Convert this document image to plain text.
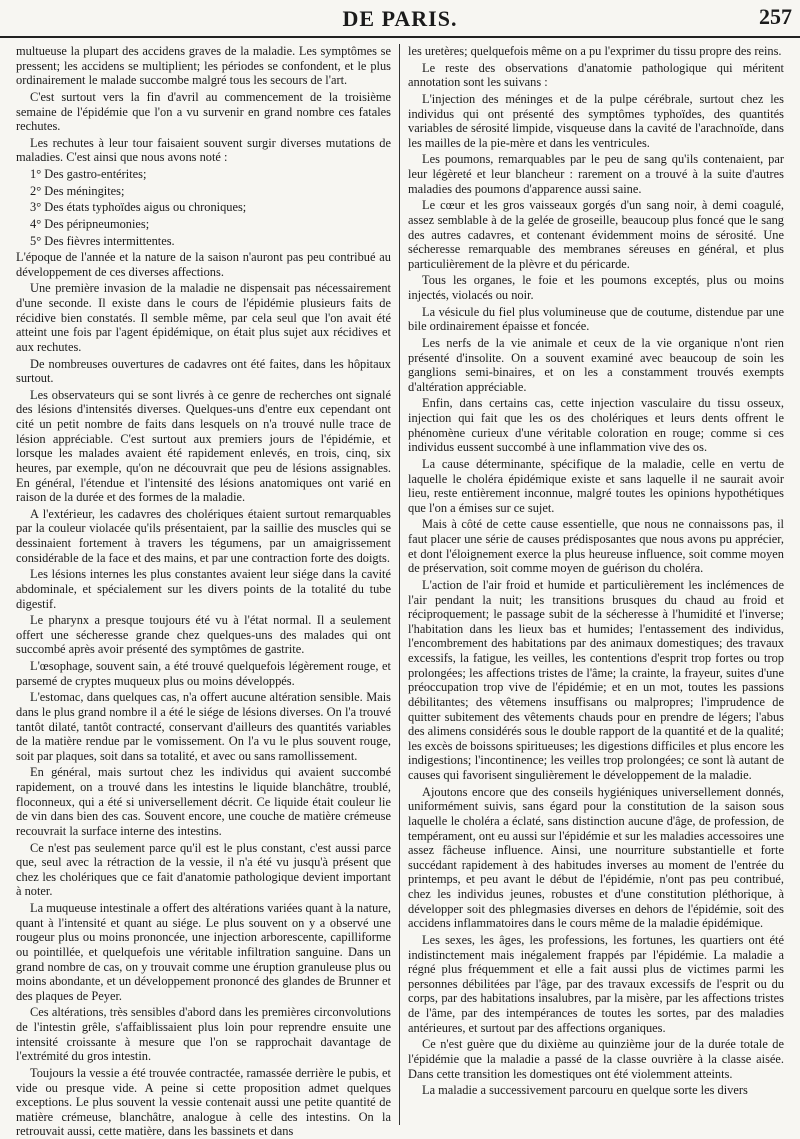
DE PARIS.	257

multueuse la plupart des accidens graves de la maladie. Les symptômes se pressent; les accidens se multiplient; les périodes se confondent, et le plus ordinairement le malade succombe malgré tous les secours de l'art.

C'est surtout vers la fin d'avril au commencement de la troisième semaine de l'épidémie que l'on a vu survenir en grand nombre ces fatales rechutes.

Les rechutes à leur tour faisaient souvent surgir diverses mutations de maladies. C'est ainsi que nous avons noté :

1° Des gastro-entérites;

2° Des méningites;

3° Des états typhoïdes aigus ou chroniques;

4° Des péripneumonies;

5° Des fièvres intermittentes.

L'époque de l'année et la nature de la saison n'auront pas peu contribué au développement de ces diverses affections.

Une première invasion de la maladie ne dispensait pas nécessairement d'une seconde. Il existe dans le cours de l'épidémie plusieurs faits de récidive bien constatés. Il semble même, par cela seul que l'on avait été atteint une fois par l'agent épidémique, on était plus sujet aux récidives et aux rechutes.

De nombreuses ouvertures de cadavres ont été faites, dans les hôpitaux surtout.

Les observateurs qui se sont livrés à ce genre de recherches ont signalé des lésions d'intensités diverses. Quelques-uns d'entre eux cependant ont cité un petit nombre de faits dans lesquels on n'a trouvé nulle trace de lésion appréciable. C'est surtout aux premiers jours de l'épidémie, et lorsque les malades avaient été rapidement enlevés, en trois, cinq, six heures, par exemple, qu'on ne découvrait que peu de lésions assignables. En général, l'étendue et l'intensité des lésions anatomiques ont varié en raison de la durée et des formes de la maladie.

A l'extérieur, les cadavres des cholériques étaient surtout remarquables par la couleur violacée qu'ils présentaient, par la saillie des muscles qui se dessinaient fortement à travers les tégumens, par un amaigrissement considérable de la face et des mains, et par une contraction forte des doigts.

Les lésions internes les plus constantes avaient leur siége dans la cavité abdominale, et spécialement sur les divers points de la totalité du tube digestif.

Le pharynx a presque toujours été vu à l'état normal. Il a seulement offert une sécheresse grande chez quelques-uns des malades qui ont succombé après avoir présenté des symptômes de gastrite.

L'œsophage, souvent sain, a été trouvé quelquefois légèrement rouge, et parsemé de cryptes muqueux plus ou moins développés.

L'estomac, dans quelques cas, n'a offert aucune altération sensible. Mais dans le plus grand nombre il a été le siége de lésions diverses. On l'a trouvé tantôt dilaté, tantôt contracté, conservant d'ailleurs des quantités variables de la matière rendue par le vomissement. On l'a vu le plus souvent rouge, soit par plaques, soit dans sa totalité, et avec ou sans ramollissement.

En général, mais surtout chez les individus qui avaient succombé rapidement, on a trouvé dans les intestins le liquide blanchâtre, troublé, floconneux, qui a été si universellement décrit. Ce liquide était couleur lie de vin dans bien des cas. Souvent encore, une couche de matière crémeuse recouvrait la surface interne des intestins.

Ce n'est pas seulement parce qu'il est le plus constant, c'est aussi parce que, seul avec la rétraction de la vessie, il n'a été vu jusqu'à présent que chez les cholériques que ce fait d'anatomie pathologique devient important à noter.

La muqueuse intestinale a offert des altérations variées quant à la nature, quant à l'intensité et quant au siége. Le plus souvent on y a observé une rougeur plus ou moins prononcée, une injection arborescente, capilliforme ou pointillée, et quelquefois une véritable infiltration sanguine. Dans un grand nombre de cas, on y trouvait comme une éruption granuleuse plus ou moins abondante, et un développement prononcé des glandes de Brunner et des plaques de Peyer.

Ces altérations, très sensibles d'abord dans les premières circonvolutions de l'intestin grêle, s'affaiblissaient plus loin pour reprendre ensuite une intensité croissante à mesure que l'on se rapprochait davantage de l'extrémité du gros intestin.

Toujours la vessie a été trouvée contractée, ramassée derrière le pubis, et vide ou presque vide. A peine si cette proposition admet quelques exceptions. Le plus souvent la vessie contenait aussi une petite quantité de matière crémeuse, blanchâtre, analogue à celle des intestins. On la retrouvait aussi, cette matière, dans les bassinets et dans

les uretères; quelquefois même on a pu l'exprimer du tissu propre des reins.

Le reste des observations d'anatomie pathologique qui méritent annotation sont les suivans :

L'injection des méninges et de la pulpe cérébrale, surtout chez les individus qui ont présenté des symptômes typhoïdes, des quantités variables de sérosité limpide, visqueuse dans la cavité de l'arachnoïde, dans les mailles de la pie-mère et dans les ventricules.

Les poumons, remarquables par le peu de sang qu'ils contenaient, par leur légèreté et leur blancheur : rarement on a trouvé à la suite d'autres maladies des poumons d'apparence aussi saine.

Le cœur et les gros vaisseaux gorgés d'un sang noir, à demi coagulé, assez semblable à de la gelée de groseille, beaucoup plus foncé que le sang des autres cadavres, et contenant évidemment moins de sérosité. Une sécheresse remarquable des membranes séreuses en général, et plus particulièrement de la plèvre et du péricarde.

Tous les organes, le foie et les poumons exceptés, plus ou moins injectés, violacés ou noir.

La vésicule du fiel plus volumineuse que de coutume, distendue par une bile ordinairement épaisse et foncée.

Les nerfs de la vie animale et ceux de la vie organique n'ont rien présenté d'insolite. On a souvent examiné avec beaucoup de soin les ganglions semi-binaires, et on les a constamment trouvés exempts d'altération appréciable.

Enfin, dans certains cas, cette injection vasculaire du tissu osseux, injection qui fait que les os des cholériques et leurs dents offrent le phénomène curieux d'une véritable coloration en rouge; comme si ces individus eussent succombé à une inflammation vive des os.

La cause déterminante, spécifique de la maladie, celle en vertu de laquelle le choléra épidémique existe et sans laquelle il ne saurait avoir lieu, reste entièrement inconnue, malgré toutes les opinions hypothétiques que l'on a émises sur ce sujet.

Mais à côté de cette cause essentielle, que nous ne connaissons pas, il faut placer une série de causes prédisposantes que nous avons pu apprécier, et dont l'éloignement exerce la plus heureuse influence, soit comme moyen de préservation, soit comme moyen de guérison du choléra.

L'action de l'air froid et humide et particulièrement les inclémences de l'air pendant la nuit; les transitions brusques du chaud au froid et réciproquement; le passage subit de la sécheresse à l'humidité et l'inverse; l'habitation dans les lieux bas et humides; l'entassement des individus, l'encombrement des habitations par des animaux domestiques; des travaux excessifs, la fatigue, les veilles, les contentions d'esprit trop fortes ou trop prolongées; les affections tristes de l'âme; la crainte, la frayeur, suites d'une préoccupation trop vive de l'épidémie; et en un mot, toutes les passions débilitantes; des vêtemens insuffisans ou malpropres; l'imprudence de quitter subitement des vêtements chauds pour en prendre de légers; l'abus des alimens considérés sous le double rapport de la quantité et de la qualité; les excès de boissons spiritueuses; les digestions difficiles et plus encore les indigestions; l'incontinence; les veilles trop prolongées; ce sont là autant de causes qui favorisent singulièrement le développement de la maladie.

Ajoutons encore que des conseils hygiéniques universellement donnés, uniformément suivis, sans égard pour la constitution de la saison sous laquelle le choléra a éclaté, sans distinction aucune d'âge, de profession, de tempérament, ont eu aussi sur l'épidémie et sur les maladies accessoires une assez fâcheuse influence. Ainsi, une nourriture substantielle et forte succédant rapidement à des habitudes inverses au moment de l'entrée du printemps, et peu avant le début de l'épidémie, n'ont pas peu contribué, chez les individus jeunes, robustes et d'une constitution pléthorique, à développer soit des phlegmasies diverses en dehors de l'épidémie, soit des accidens inflammatoires dans le cours même de la maladie épidémique.

Les sexes, les âges, les professions, les fortunes, les quartiers ont été indistinctement mais inégalement frappés par l'épidémie. La maladie a régné plus fréquemment et elle a fait aussi plus de victimes parmi les personnes débilitées par l'âge, par des travaux excessifs de l'esprit ou du corps, par des habitations insalubres, par la misère, par les affections tristes de l'âme, par des intempérances de toutes les sortes, par des maladies antérieures, et surtout par des affections organiques.

Ce n'est guère que du dixième au quinzième jour de la durée totale de l'épidémie que la maladie a passé de la classe ouvrière à la classe aisée. Dans cette transition les domestiques ont été violemment atteints.

La maladie a successivement parcouru en quelque sorte les divers
